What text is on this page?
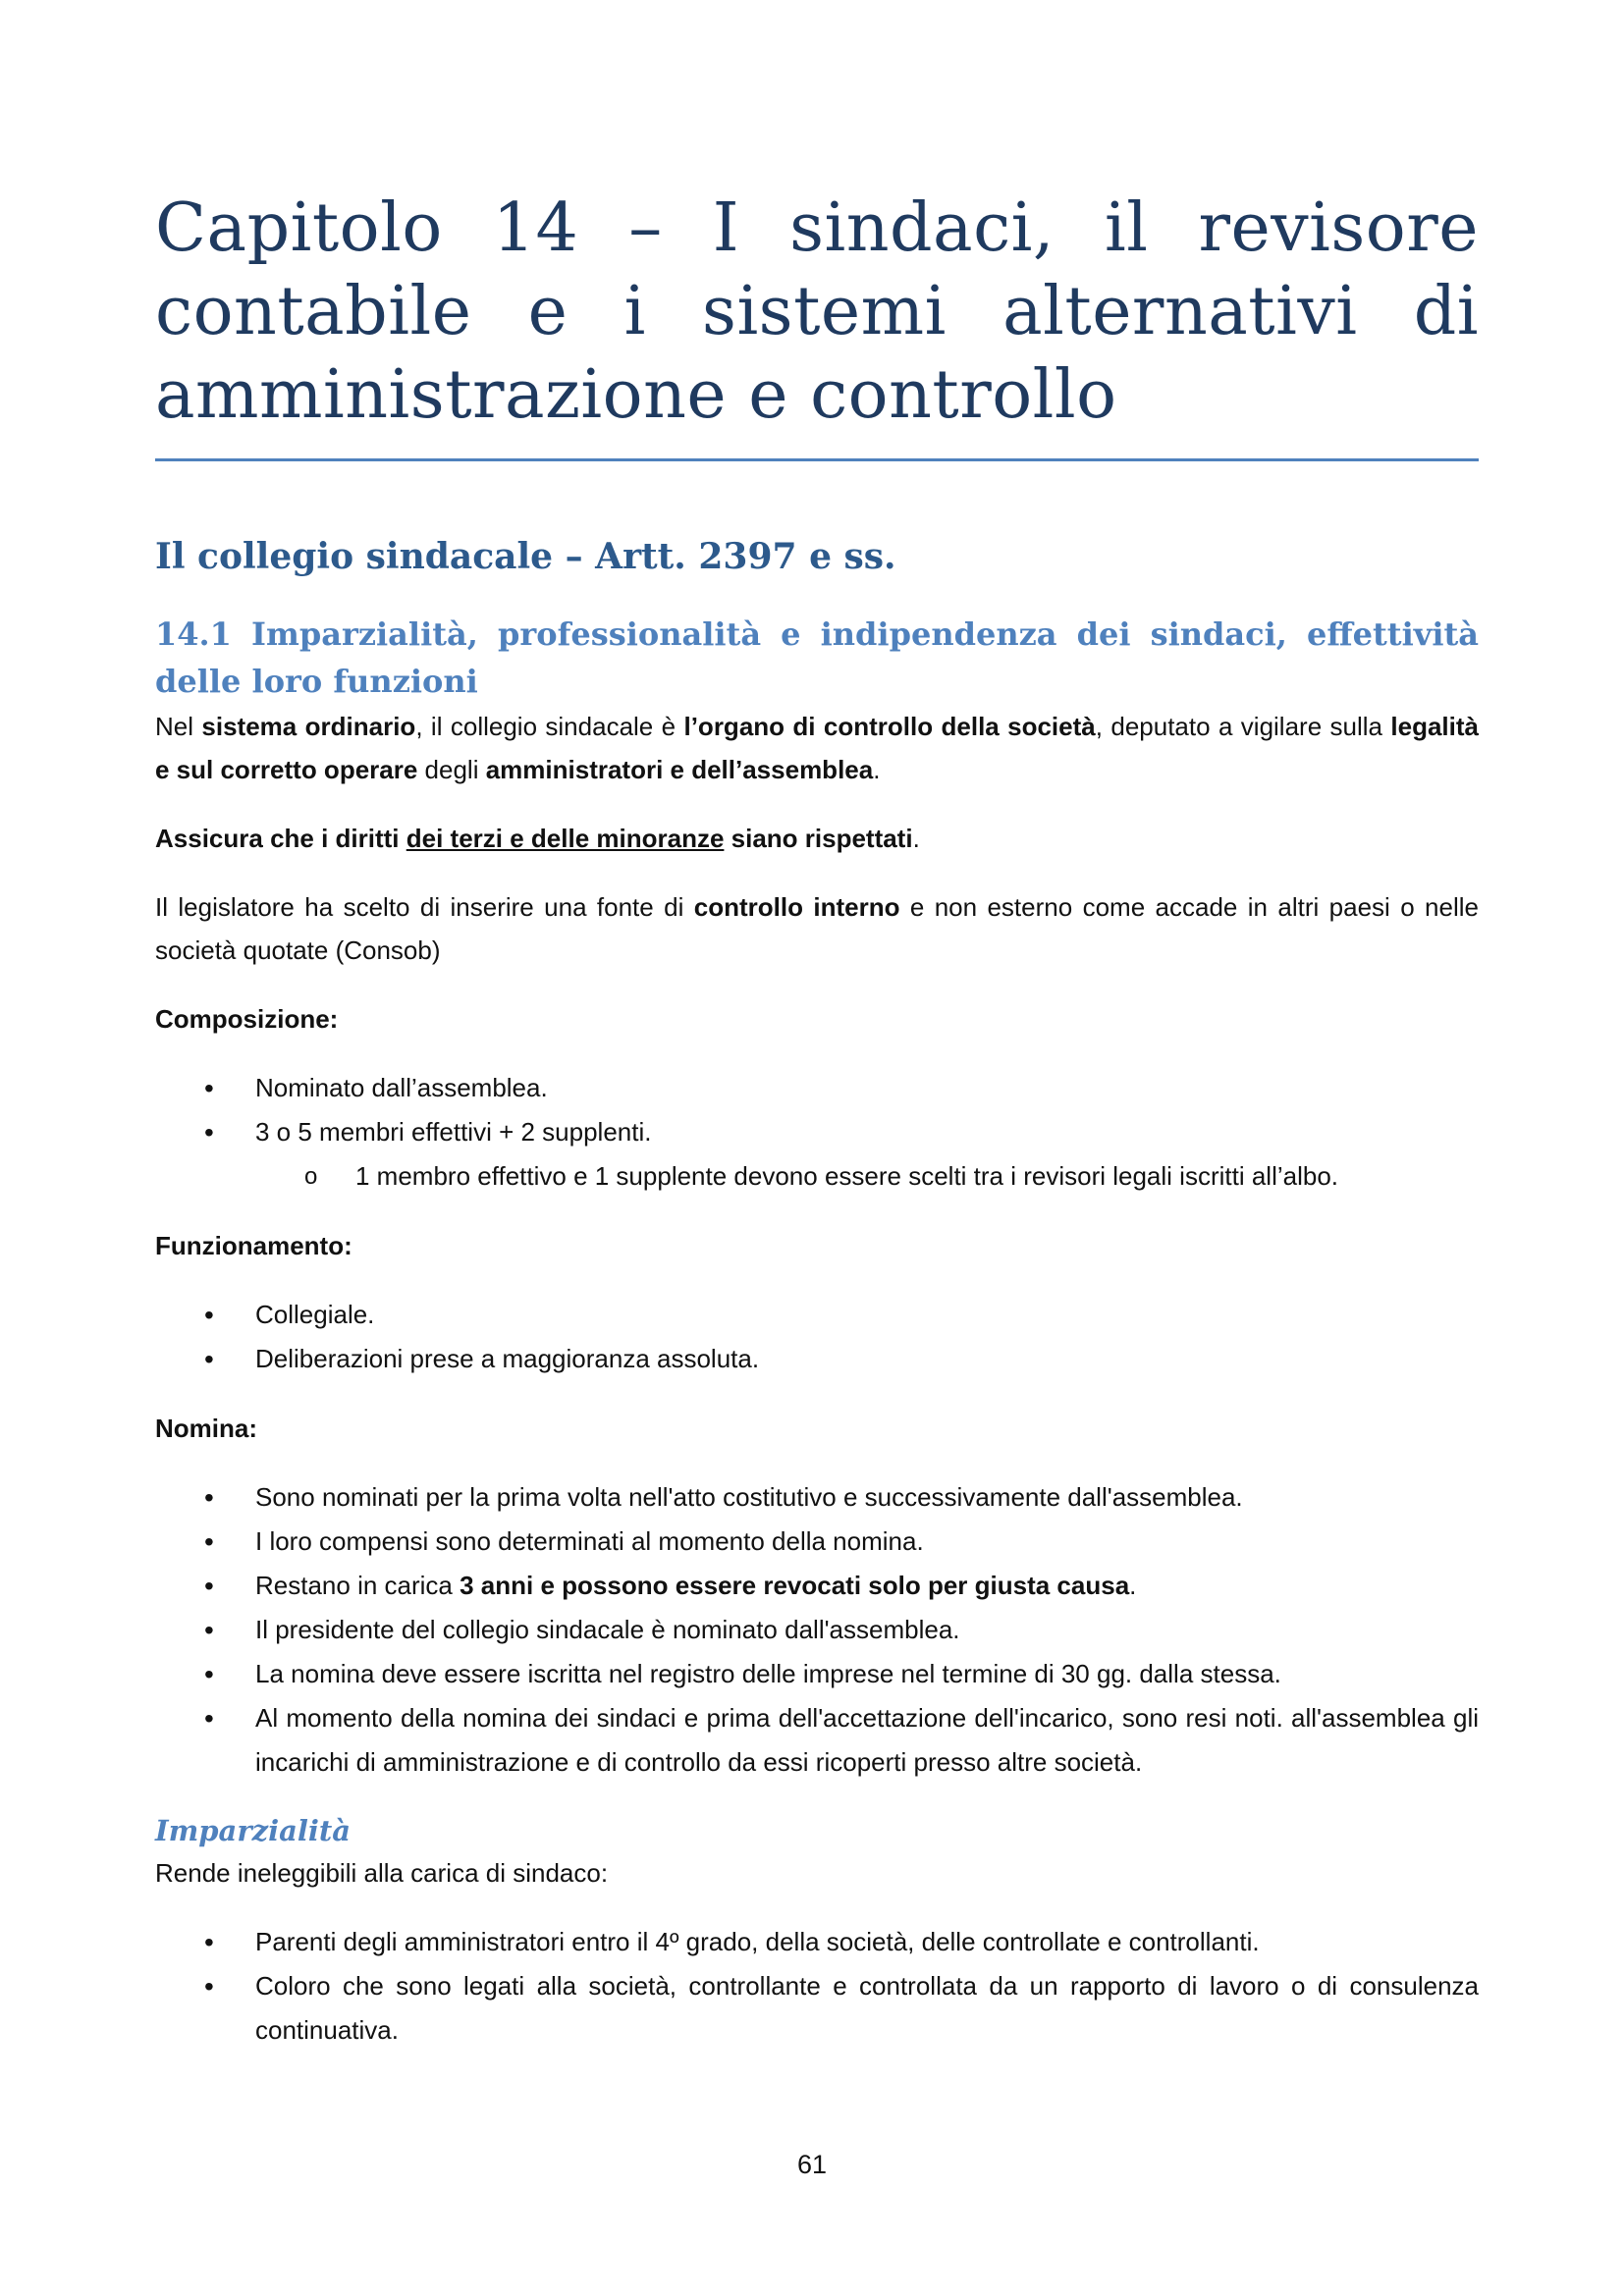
Capitolo 14 – I sindaci, il revisore contabile e i sistemi alternativi di amministrazione e controllo
Il collegio sindacale – Artt. 2397 e ss.
14.1 Imparzialità, professionalità e indipendenza dei sindaci, effettività delle loro funzioni

Nel sistema ordinario, il collegio sindacale è l’organo di controllo della società, deputato a vigilare sulla legalità e sul corretto operare degli amministratori e dell’assemblea.

Assicura che i diritti dei terzi e delle minoranze siano rispettati.

Il legislatore ha scelto di inserire una fonte di controllo interno e non esterno come accade in altri paesi o nelle società quotate (Consob)

Composizione:
• Nominato dall’assemblea.
• 3 o 5 membri effettivi + 2 supplenti.
o 1 membro effettivo e 1 supplente devono essere scelti tra i revisori legali iscritti all’albo.
Funzionamento:
• Collegiale.
• Deliberazioni prese a maggioranza assoluta.
Nomina:
• Sono nominati per la prima volta nell'atto costitutivo e successivamente dall'assemblea.
• I loro compensi sono determinati al momento della nomina.
• Restano in carica 3 anni e possono essere revocati solo per giusta causa.
• Il presidente del collegio sindacale è nominato dall'assemblea.
• La nomina deve essere iscritta nel registro delle imprese nel termine di 30 gg. dalla stessa.
• Al momento della nomina dei sindaci e prima dell'accettazione dell'incarico, sono resi noti. all'assemblea gli incarichi di amministrazione e di controllo da essi ricoperti presso altre società.
Imparzialità

Rende ineleggibili alla carica di sindaco:

• Parenti degli amministratori entro il 4º grado, della società, delle controllate e controllanti.
• Coloro che sono legati alla società, controllante e controllata da un rapporto di lavoro o di consulenza continuativa.
61
